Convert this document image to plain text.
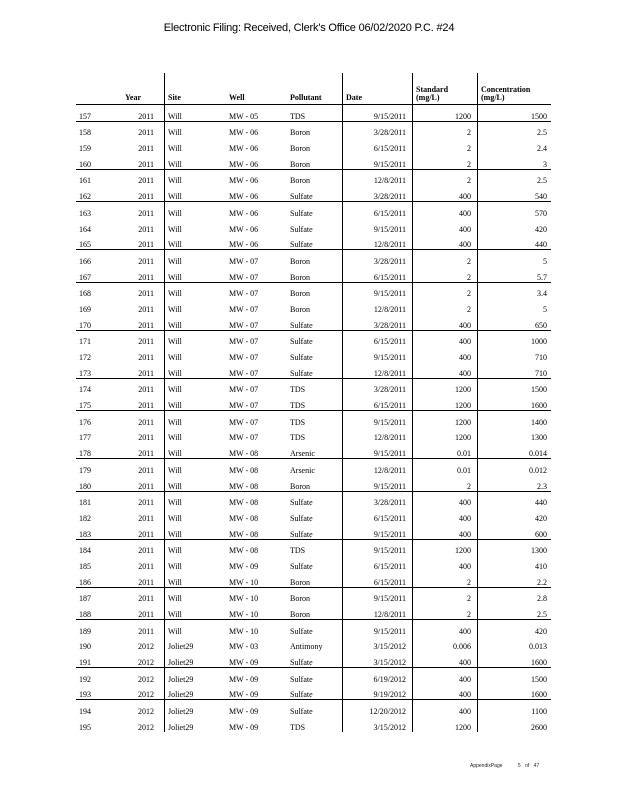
Electronic Filing: Received, Clerk's Office 06/02/2020 P.C. #24
	Year	Site	Well	Pollutant	Date	Standard (mg/L)	Concentration (mg/L)
157	2011	Will	MW - 05	TDS	9/15/2011	1200	1500
158	2011	Will	MW - 06	Boron	3/28/2011	2	2.5
159	2011	Will	MW - 06	Boron	6/15/2011	2	2.4
160	2011	Will	MW - 06	Boron	9/15/2011	2	3
161	2011	Will	MW - 06	Boron	12/8/2011	2	2.5
162	2011	Will	MW - 06	Sulfate	3/28/2011	400	540
163	2011	Will	MW - 06	Sulfate	6/15/2011	400	570
164	2011	Will	MW - 06	Sulfate	9/15/2011	400	420
165	2011	Will	MW - 06	Sulfate	12/8/2011	400	440
166	2011	Will	MW - 07	Boron	3/28/2011	2	5
167	2011	Will	MW - 07	Boron	6/15/2011	2	5.7
168	2011	Will	MW - 07	Boron	9/15/2011	2	3.4
169	2011	Will	MW - 07	Boron	12/8/2011	2	5
170	2011	Will	MW - 07	Sulfate	3/28/2011	400	650
171	2011	Will	MW - 07	Sulfate	6/15/2011	400	1000
172	2011	Will	MW - 07	Sulfate	9/15/2011	400	710
173	2011	Will	MW - 07	Sulfate	12/8/2011	400	710
174	2011	Will	MW - 07	TDS	3/28/2011	1200	1500
175	2011	Will	MW - 07	TDS	6/15/2011	1200	1600
176	2011	Will	MW - 07	TDS	9/15/2011	1200	1400
177	2011	Will	MW - 07	TDS	12/8/2011	1200	1300
178	2011	Will	MW - 08	Arsenic	9/15/2011	0.01	0.014
179	2011	Will	MW - 08	Arsenic	12/8/2011	0.01	0.012
180	2011	Will	MW - 08	Boron	9/15/2011	2	2.3
181	2011	Will	MW - 08	Sulfate	3/28/2011	400	440
182	2011	Will	MW - 08	Sulfate	6/15/2011	400	420
183	2011	Will	MW - 08	Sulfate	9/15/2011	400	600
184	2011	Will	MW - 08	TDS	9/15/2011	1200	1300
185	2011	Will	MW - 09	Sulfate	6/15/2011	400	410
186	2011	Will	MW - 10	Boron	6/15/2011	2	2.2
187	2011	Will	MW - 10	Boron	9/15/2011	2	2.8
188	2011	Will	MW - 10	Boron	12/8/2011	2	2.5
189	2011	Will	MW - 10	Sulfate	9/15/2011	400	420
190	2012	Joliet29	MW - 03	Antimony	3/15/2012	0.006	0.013
191	2012	Joliet29	MW - 09	Sulfate	3/15/2012	400	1600
192	2012	Joliet29	MW - 09	Sulfate	6/19/2012	400	1500
193	2012	Joliet29	MW - 09	Sulfate	9/19/2012	400	1600
194	2012	Joliet29	MW - 09	Sulfate	12/20/2012	400	1100
195	2012	Joliet29	MW - 09	TDS	3/15/2012	1200	2600
AppendixPage	5 of 47
